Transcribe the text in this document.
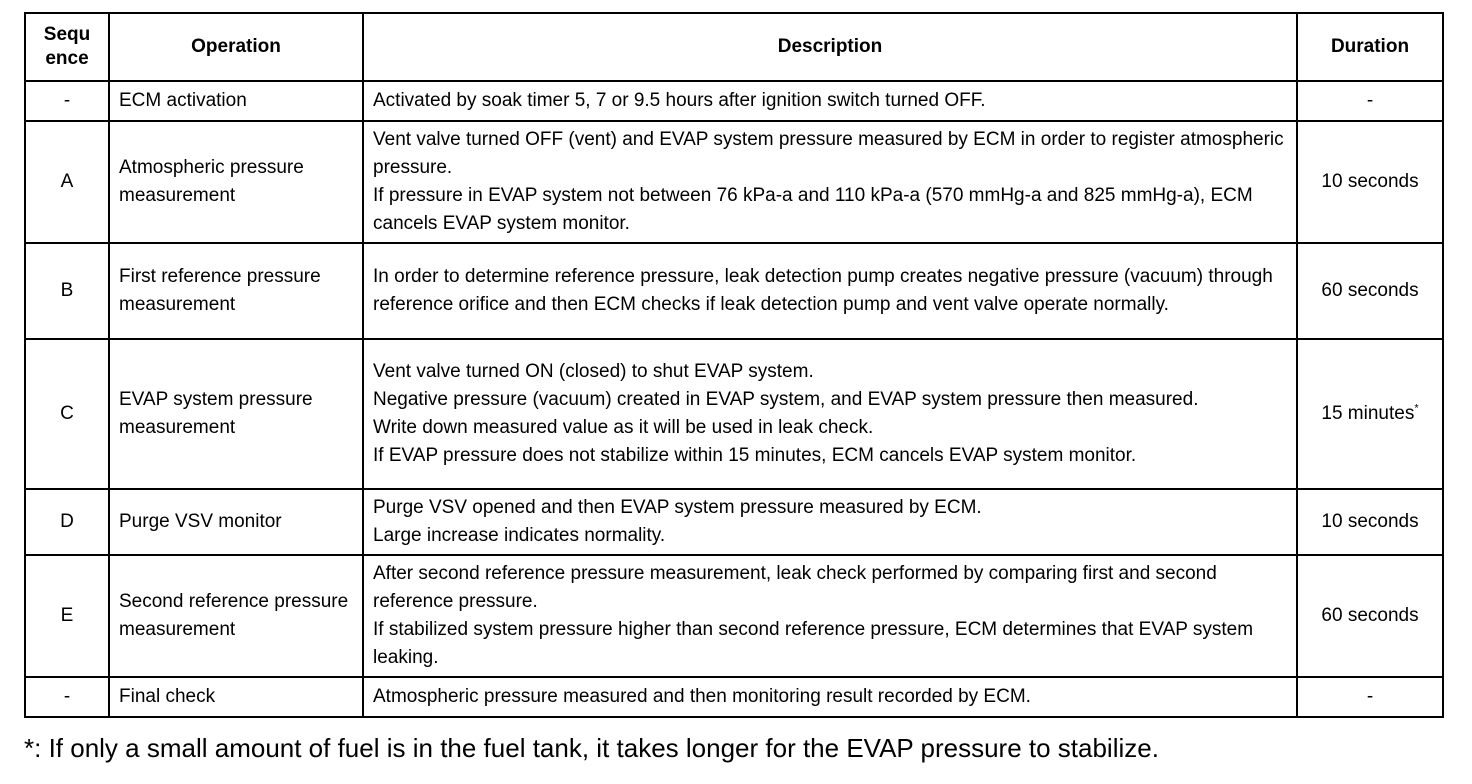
Sequ
ence	Operation	Description	Duration
-	ECM activation	Activated by soak timer 5, 7 or 9.5 hours after ignition switch turned OFF.	-
A	Atmospheric pressure measurement	Vent valve turned OFF (vent) and EVAP system pressure measured by ECM in order to register atmospheric pressure.
If pressure in EVAP system not between 76 kPa-a and 110 kPa-a (570 mmHg-a and 825 mmHg-a), ECM cancels EVAP system monitor.	10 seconds
B	First reference pressure measurement	In order to determine reference pressure, leak detection pump creates negative pressure (vacuum) through reference orifice and then ECM checks if leak detection pump and vent valve operate normally.	60 seconds
C	EVAP system pressure measurement	Vent valve turned ON (closed) to shut EVAP system.
Negative pressure (vacuum) created in EVAP system, and EVAP system pressure then measured.
Write down measured value as it will be used in leak check.
If EVAP pressure does not stabilize within 15 minutes, ECM cancels EVAP system monitor.	15 minutes*
D	Purge VSV monitor	Purge VSV opened and then EVAP system pressure measured by ECM.
Large increase indicates normality.	10 seconds
E	Second reference pressure measurement	After second reference pressure measurement, leak check performed by comparing first and second reference pressure.
If stabilized system pressure higher than second reference pressure, ECM determines that EVAP system leaking.	60 seconds
-	Final check	Atmospheric pressure measured and then monitoring result recorded by ECM.	-
*: If only a small amount of fuel is in the fuel tank, it takes longer for the EVAP pressure to stabilize.
